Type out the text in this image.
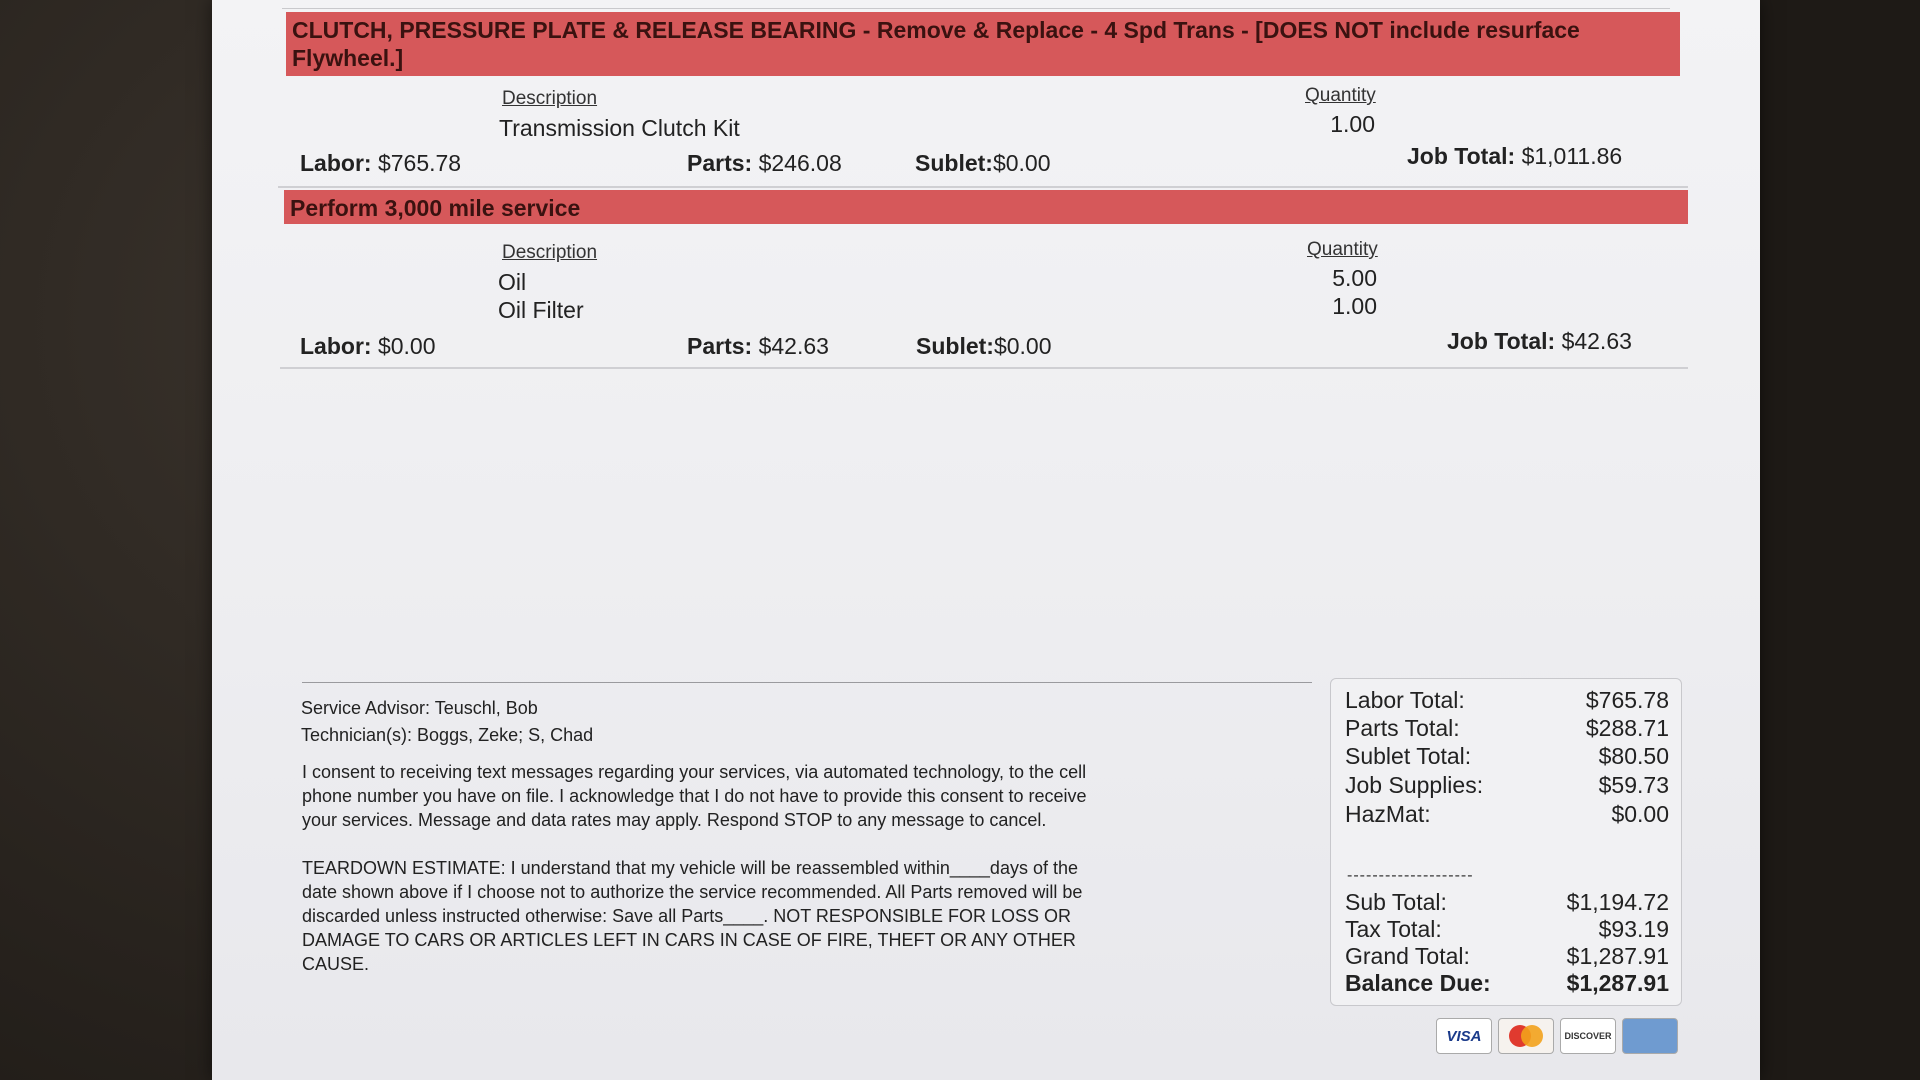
CLUTCH, PRESSURE PLATE & RELEASE BEARING - Remove & Replace - 4 Spd Trans - [DOES NOT include resurface Flywheel.]
Description	Quantity
Transmission Clutch Kit	1.00
Labor: $765.78	Parts: $246.08	Sublet:$0.00	Job Total: $1,011.86
Perform 3,000 mile service
Description	Quantity
Oil	5.00
Oil Filter	1.00
Labor: $0.00	Parts: $42.63	Sublet:$0.00	Job Total: $42.63
Service Advisor: Teuschl, Bob
Technician(s): Boggs, Zeke; S, Chad
I consent to receiving text messages regarding your services, via automated technology, to the cell phone number you have on file. I acknowledge that I do not have to provide this consent to receive your services. Message and data rates may apply. Respond STOP to any message to cancel.
TEARDOWN ESTIMATE: I understand that my vehicle will be reassembled within____days of the date shown above if I choose not to authorize the service recommended. All Parts removed will be discarded unless instructed otherwise: Save all Parts____. NOT RESPONSIBLE FOR LOSS OR DAMAGE TO CARS OR ARTICLES LEFT IN CARS IN CASE OF FIRE, THEFT OR ANY OTHER CAUSE.
Labor Total:	$765.78
Parts Total:	$288.71
Sublet Total:	$80.50
Job Supplies:	$59.73
HazMat:	$0.00
--------------------
Sub Total:	$1,194.72
Tax Total:	$93.19
Grand Total:	$1,287.91
Balance Due:	$1,287.91
VISA	DISCOVER
